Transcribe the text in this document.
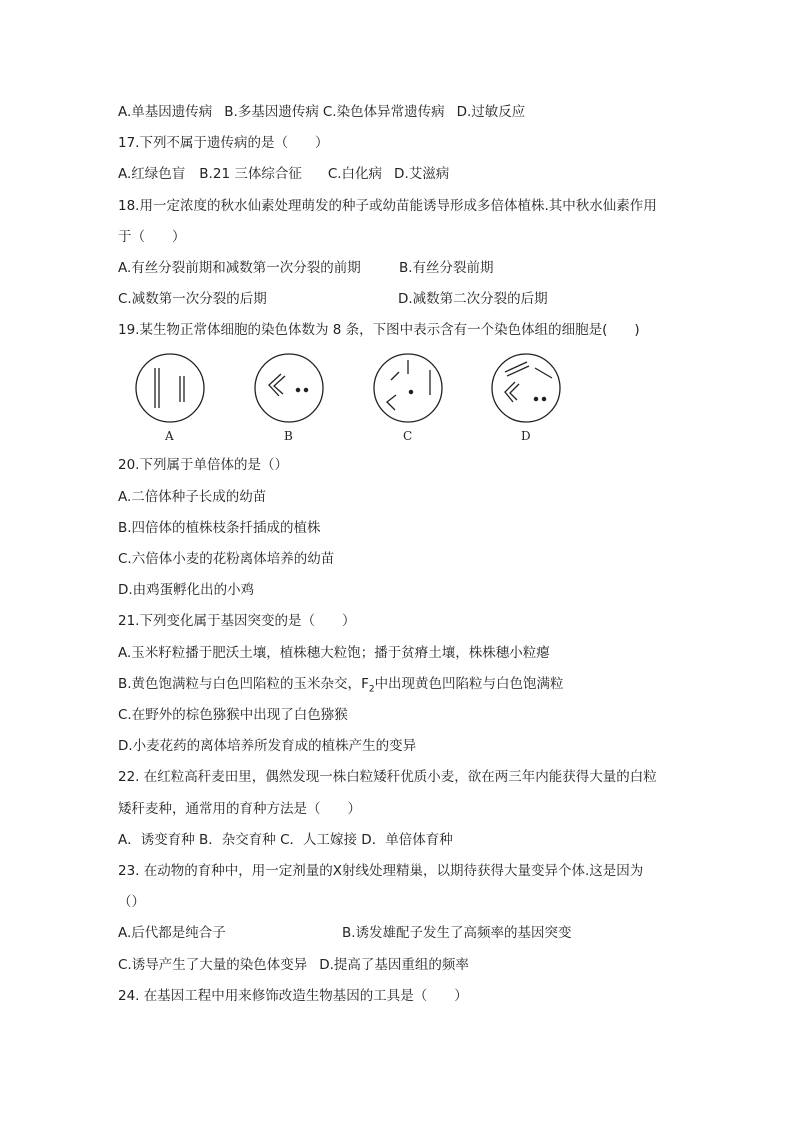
A.单基因遗传病 B.多基因遗传病 C.染色体异常遗传病 D.过敏反应
17.下列不属于遗传病的是（　　）
A.红绿色盲 B.21 三体综合征 C.白化病 D.艾滋病
18.用一定浓度的秋水仙素处理萌发的种子或幼苗能诱导形成多倍体植株.其中秋水仙素作用
于（　　）
A.有丝分裂前期和减数第一次分裂的前期	B.有丝分裂前期
C.减数第一次分裂的后期	D.减数第二次分裂的后期
19.某生物正常体细胞的染色体数为 8 条，下图中表示含有一个染色体组的细胞是(　　)
A	B	C	D
20.下列属于单倍体的是（）
A.二倍体种子长成的幼苗
B.四倍体的植株枝条扦插成的植株
C.六倍体小麦的花粉离体培养的幼苗
D.由鸡蛋孵化出的小鸡
21.下列变化属于基因突变的是（　　）
A.玉米籽粒播于肥沃土壤，植株穗大粒饱；播于贫瘠土壤，株株穗小粒瘪
B.黄色饱满粒与白色凹陷粒的玉米杂交，$F_2$中出现黄色凹陷粒与白色饱满粒
C.在野外的棕色猕猴中出现了白色猕猴
D.小麦花药的离体培养所发育成的植株产生的变异
22. 在红粒高秆麦田里，偶然发现一株白粒矮秆优质小麦，欲在两三年内能获得大量的白粒
矮秆麦种，通常用的育种方法是（　　）
A．诱变育种 B．杂交育种 C．人工嫁接 D．单倍体育种
23. 在动物的育种中，用一定剂量的X射线处理精巢，以期待获得大量变异个体.这是因为
（）
A.后代都是纯合子	B.诱发雄配子发生了高频率的基因突变
C.诱导产生了大量的染色体变异 D.提高了基因重组的频率
24. 在基因工程中用来修饰改造生物基因的工具是（　　）
